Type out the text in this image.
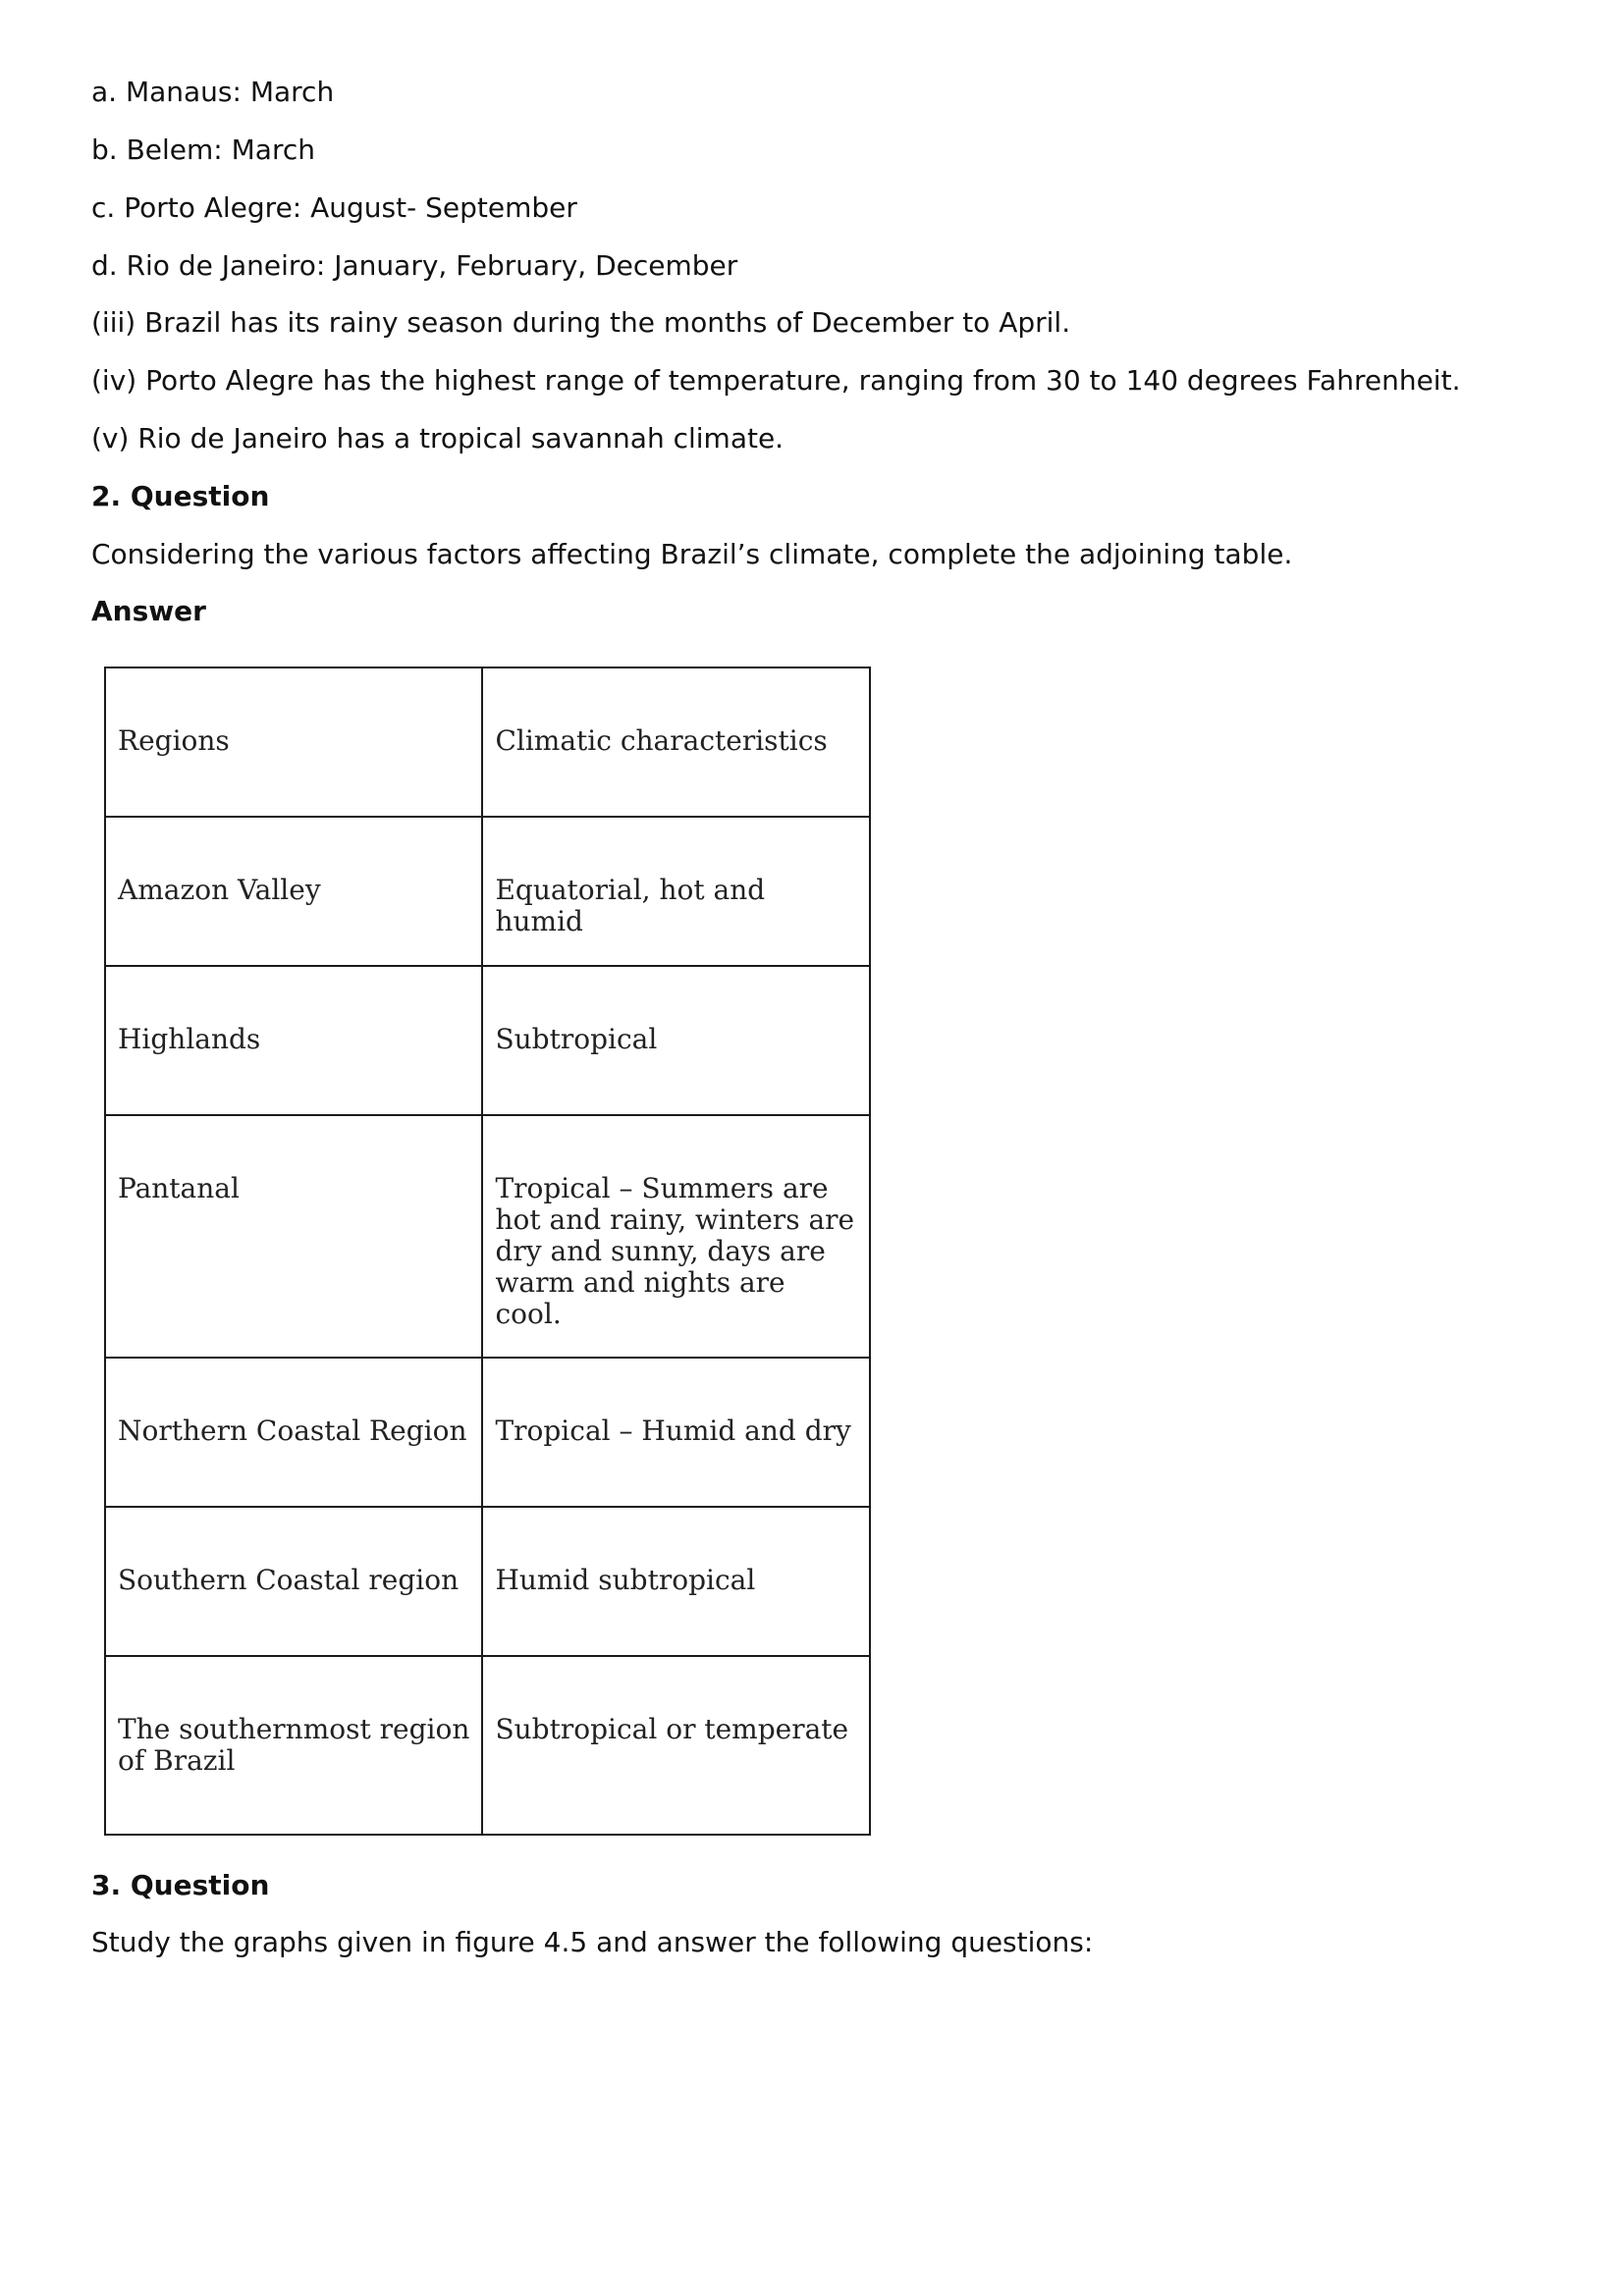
a. Manaus: March
b. Belem: March
c. Porto Alegre: August- September
d. Rio de Janeiro: January, February, December
(iii) Brazil has its rainy season during the months of December to April.
(iv) Porto Alegre has the highest range of temperature, ranging from 30 to 140 degrees Fahrenheit.
(v) Rio de Janeiro has a tropical savannah climate.
2. Question
Considering the various factors affecting Brazil’s climate, complete the adjoining table.
Answer
Regions	Climatic characteristics
Amazon Valley	Equatorial, hot and humid
Highlands	Subtropical
Pantanal	Tropical – Summers are hot and rainy, winters are dry and sunny, days are warm and nights are cool.
Northern Coastal Region	Tropical – Humid and dry
Southern Coastal region	Humid subtropical
The southernmost region of Brazil	Subtropical or temperate
3. Question
Study the graphs given in figure 4.5 and answer the following questions:
